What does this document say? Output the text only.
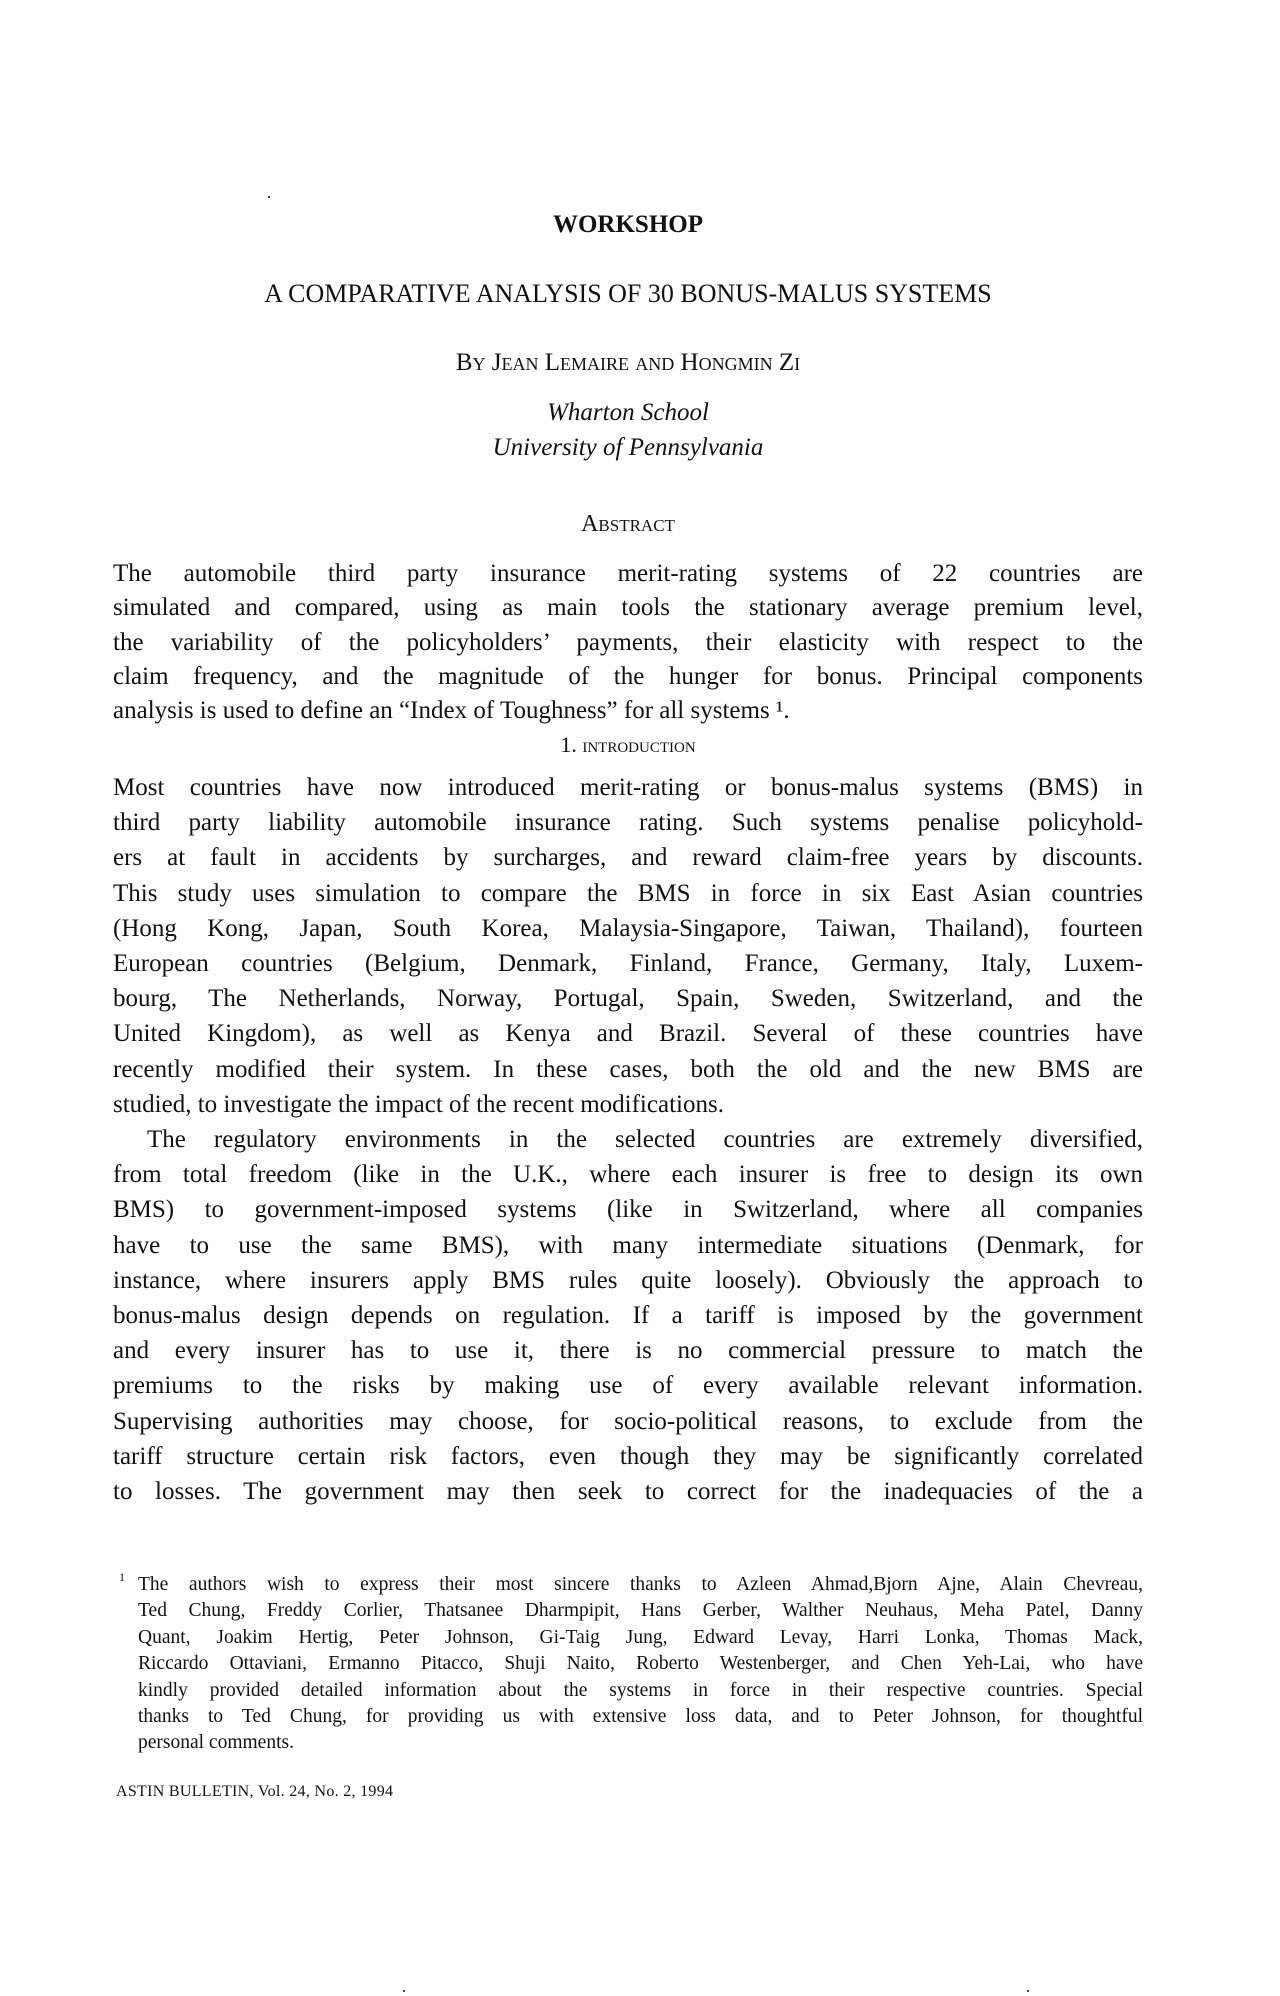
WORKSHOP
A COMPARATIVE ANALYSIS OF 30 BONUS-MALUS SYSTEMS
By Jean Lemaire and Hongmin Zi
Wharton School
University of Pennsylvania
Abstract
The automobile third party insurance merit-rating systems of 22 countries are
simulated and compared, using as main tools the stationary average premium level,
the variability of the policyholders’ payments, their elasticity with respect to the
claim frequency, and the magnitude of the hunger for bonus. Principal components
analysis is used to define an “Index of Toughness” for all systems ¹.
1. introduction
Most countries have now introduced merit-rating or bonus-malus systems (BMS) in
third party liability automobile insurance rating. Such systems penalise policyhold-
ers at fault in accidents by surcharges, and reward claim-free years by discounts.
This study uses simulation to compare the BMS in force in six East Asian countries
(Hong Kong, Japan, South Korea, Malaysia-Singapore, Taiwan, Thailand), fourteen
European countries (Belgium, Denmark, Finland, France, Germany, Italy, Luxem-
bourg, The Netherlands, Norway, Portugal, Spain, Sweden, Switzerland, and the
United Kingdom), as well as Kenya and Brazil. Several of these countries have
recently modified their system. In these cases, both the old and the new BMS are
studied, to investigate the impact of the recent modifications.
The regulatory environments in the selected countries are extremely diversified,
from total freedom (like in the U.K., where each insurer is free to design its own
BMS) to government-imposed systems (like in Switzerland, where all companies
have to use the same BMS), with many intermediate situations (Denmark, for
instance, where insurers apply BMS rules quite loosely). Obviously the approach to
bonus-malus design depends on regulation. If a tariff is imposed by the government
and every insurer has to use it, there is no commercial pressure to match the
premiums to the risks by making use of every available relevant information.
Supervising authorities may choose, for socio-political reasons, to exclude from the
tariff structure certain risk factors, even though they may be significantly correlated
to losses. The government may then seek to correct for the inadequacies of the a
1 The authors wish to express their most sincere thanks to Azleen Ahmad,Bjorn Ajne, Alain Chevreau,
Ted Chung, Freddy Corlier, Thatsanee Dharmpipit, Hans Gerber, Walther Neuhaus, Meha Patel, Danny
Quant, Joakim Hertig, Peter Johnson, Gi-Taig Jung, Edward Levay, Harri Lonka, Thomas Mack,
Riccardo Ottaviani, Ermanno Pitacco, Shuji Naito, Roberto Westenberger, and Chen Yeh-Lai, who have
kindly provided detailed information about the systems in force in their respective countries. Special
thanks to Ted Chung, for providing us with extensive loss data, and to Peter Johnson, for thoughtful
personal comments.
ASTIN BULLETIN, Vol. 24, No. 2, 1994
